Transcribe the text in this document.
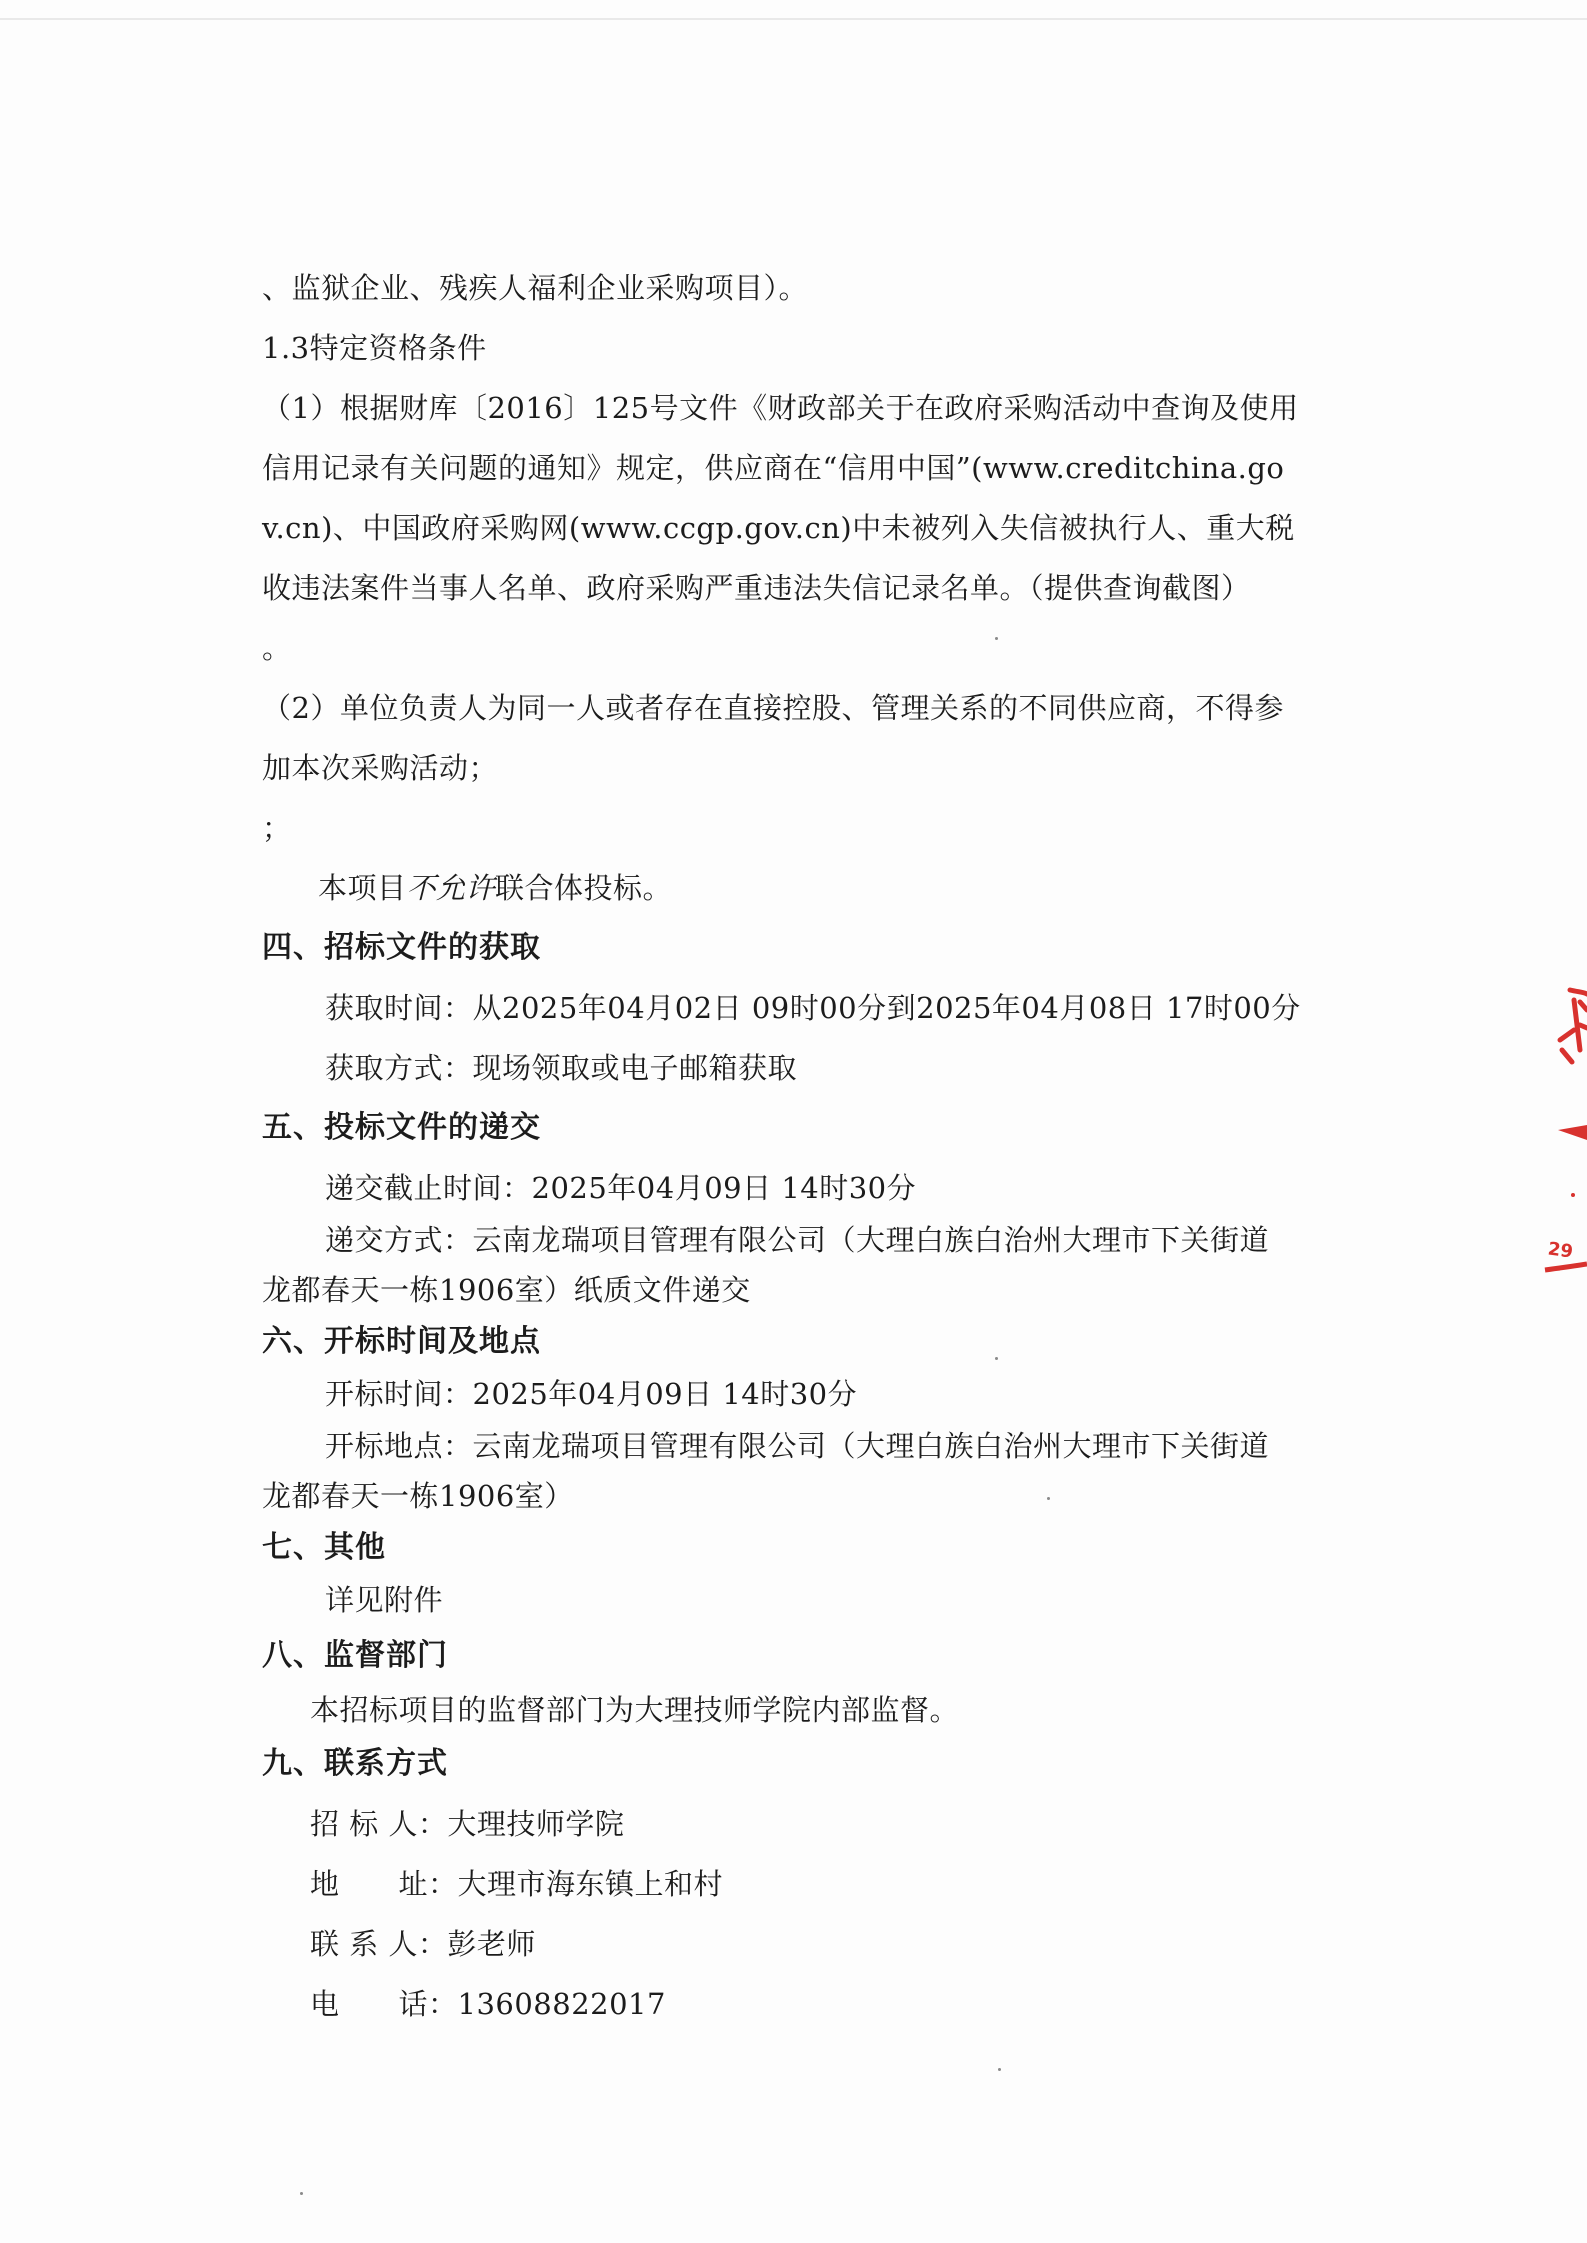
、监狱企业、残疾人福利企业采购项目）。
1.3特定资格条件
（1）根据财库〔2016〕125号文件《财政部关于在政府采购活动中查询及使用
信用记录有关问题的通知》规定，供应商在“信用中国”(www.creditchina.go
v.cn)、中国政府采购网(www.ccgp.gov.cn)中未被列入失信被执行人、重大税
收违法案件当事人名单、政府采购严重违法失信记录名单。（提供查询截图）
。
（2）单位负责人为同一人或者存在直接控股、管理关系的不同供应商，不得参
加本次采购活动；
；
本项目不允许联合体投标。
四、招标文件的获取
获取时间：从2025年04月02日 09时00分到2025年04月08日 17时00分
获取方式：现场领取或电子邮箱获取
五、投标文件的递交
递交截止时间：2025年04月09日 14时30分
递交方式：云南龙瑞项目管理有限公司（大理白族白治州大理市下关街道
龙都春天一栋1906室）纸质文件递交
六、开标时间及地点
开标时间：2025年04月09日 14时30分
开标地点：云南龙瑞项目管理有限公司（大理白族白治州大理市下关街道
龙都春天一栋1906室）
七、其他
详见附件
八、监督部门
本招标项目的监督部门为大理技师学院内部监督。
九、联系方式
招 标 人：大理技师学院
地　　址：大理市海东镇上和村
联 系 人：彭老师
电　　话：13608822017
29
